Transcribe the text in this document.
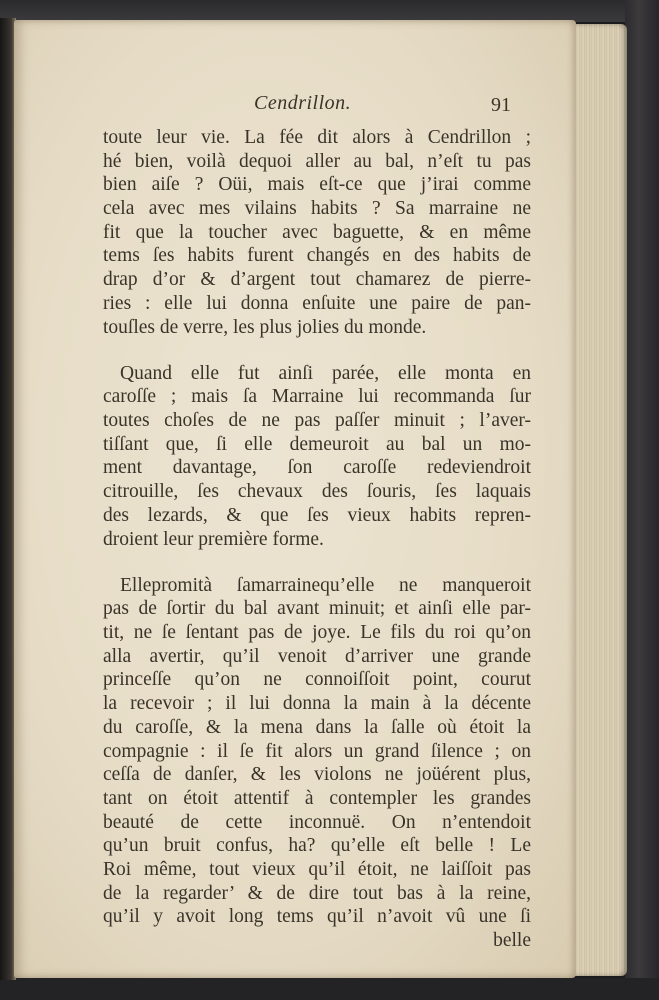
Cendrillon.	91
toute leur vie. La fée dit alors à Cendrillon ;
hé bien, voilà dequoi aller au bal, n’eſt tu pas
bien aiſe ? Oüi, mais eſt-ce que j’irai comme
cela avec mes vilains habits ? Sa marraine ne
fit que la toucher avec baguette, & en même
tems ſes habits furent changés en des habits de
drap d’or & d’argent tout chamarez de pierre-
ries : elle lui donna enſuite une paire de pan-
touſles de verre, les plus jolies du monde.
Quand elle fut ainſi parée, elle monta en
caroſſe ; mais ſa Marraine lui recommanda ſur
toutes choſes de ne pas paſſer minuit ; l’aver-
tiſſant que, ſi elle demeuroit au bal un mo-
ment davantage, ſon caroſſe redeviendroit
citrouille, ſes chevaux des ſouris, ſes laquais
des lezards, & que ſes vieux habits repren-
droient leur première forme.
Ellepromità ſamarrainequ’elle ne manqueroit
pas de ſortir du bal avant minuit; et ainſi elle par-
tit, ne ſe ſentant pas de joye. Le fils du roi qu’on
alla avertir, qu’il venoit d’arriver une grande
princeſſe qu’on ne connoiſſoit point, courut
la recevoir ; il lui donna la main à la décente
du caroſſe, & la mena dans la ſalle où étoit la
compagnie : il ſe fit alors un grand ſilence ; on
ceſſa de danſer, & les violons ne joüérent plus,
tant on étoit attentif à contempler les grandes
beauté de cette inconnuë. On n’entendoit
qu’un bruit confus, ha? qu’elle eſt belle ! Le
Roi même, tout vieux qu’il étoit, ne laiſſoit pas
de la regarder’ & de dire tout bas à la reine,
qu’il y avoit long tems qu’il n’avoit vû une ſi
belle
